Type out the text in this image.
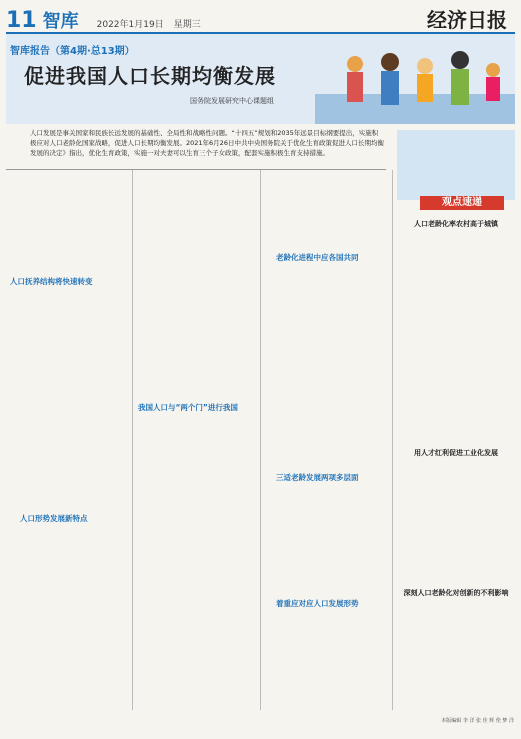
11 智库 2022年1月19日 星期三	经济日报
智库报告（第4期·总13期）
促进我国人口长期均衡发展
国务院发展研究中心课题组
人口发展是事关国家和民族长远发展的基础性、全局性和战略性问题。“十四五”规划和2035年远景目标纲要提出，实施积极应对人口老龄化国家战略，促进人口长期均衡发展。2021年6月26日中共中央国务院关于优化生育政策促进人口长期均衡发展的决定》指出，优化生育政策，实施一对夫妻可以生育三个子女政策，配套实施积极生育支持措施。
观点速递
人口抚养结构将快速转变
人口形势发展新特点
我国人口与“两个门”进行我国
老龄化进程中应各国共同
三适老龄发展两项多层面
着重应对应人口发展形势
人口老龄化率农村高于城镇
用人才红利促进工业化发展
深刻人口老龄化对创新的不利影响
本版编辑 李 洋 张 佳 辉 伦 梦 洋
